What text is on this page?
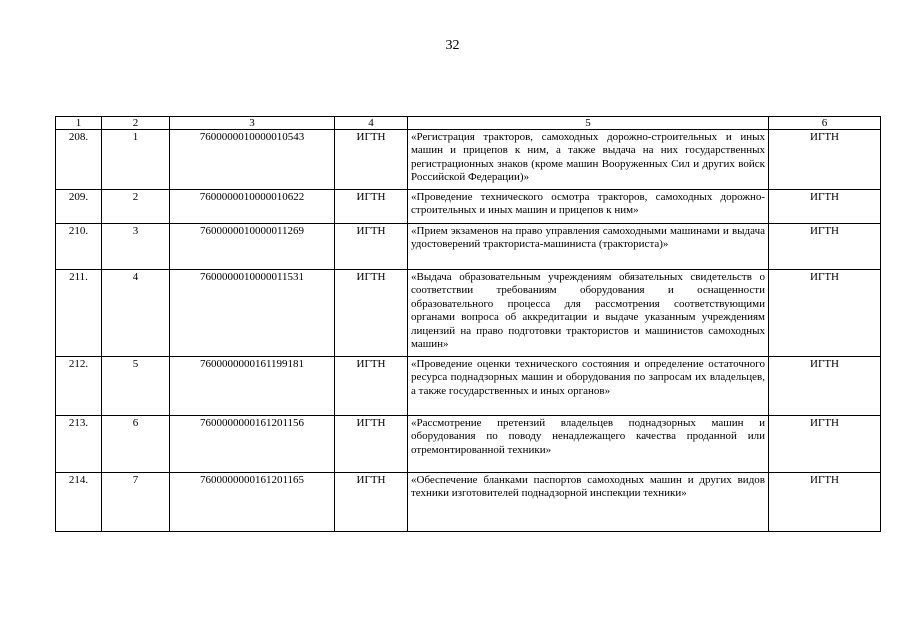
32
1	2	3	4	5	6
208.	1	7600000010000010543	ИГТН	«Регистрация тракторов, самоходных дорожно-строительных и иных машин и прицепов к ним, а также выдача на них государственных регистрационных знаков (кроме машин Вооруженных Сил и других войск Российской Федерации)»	ИГТН
209.	2	7600000010000010622	ИГТН	«Проведение технического осмотра тракторов, самоходных дорожно-строительных и иных машин и прицепов к ним»	ИГТН
210.	3	7600000010000011269	ИГТН	«Прием экзаменов на право управления самоходными машинами и выдача удостоверений тракториста-машиниста (тракториста)»	ИГТН
211.	4	7600000010000011531	ИГТН	«Выдача образовательным учреждениям обязательных свидетельств о соответствии требованиям оборудования и оснащенности образовательного процесса для рассмотрения соответствующими органами вопроса об аккредитации и выдаче указанным учреждениям лицензий на право подготовки трактористов и машинистов самоходных машин»	ИГТН
212.	5	7600000000161199181	ИГТН	«Проведение оценки технического состояния и определение остаточного ресурса поднадзорных машин и оборудования по запросам их владельцев, а также государственных и иных органов»	ИГТН
213.	6	7600000000161201156	ИГТН	«Рассмотрение претензий владельцев поднадзорных машин и оборудования по поводу ненадлежащего качества проданной или отремонтированной техники»	ИГТН
214.	7	7600000000161201165	ИГТН	«Обеспечение бланками паспортов самоходных машин и других видов техники изготовителей поднадзорной инспекции техники»	ИГТН
